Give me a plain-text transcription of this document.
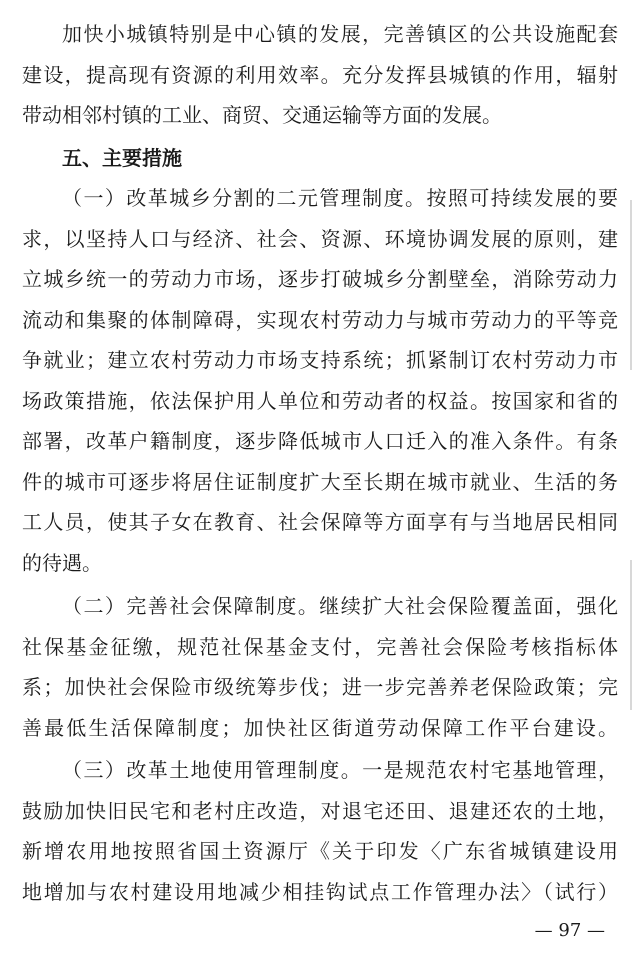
加快小城镇特别是中心镇的发展，完善镇区的公共设施配套
建设，提高现有资源的利用效率。充分发挥县城镇的作用，辐射
带动相邻村镇的工业、商贸、交通运输等方面的发展。
五、主要措施
（一）改革城乡分割的二元管理制度。按照可持续发展的要
求，以坚持人口与经济、社会、资源、环境协调发展的原则，建
立城乡统一的劳动力市场，逐步打破城乡分割壁垒，消除劳动力
流动和集聚的体制障碍，实现农村劳动力与城市劳动力的平等竞
争就业；建立农村劳动力市场支持系统；抓紧制订农村劳动力市
场政策措施，依法保护用人单位和劳动者的权益。按国家和省的
部署，改革户籍制度，逐步降低城市人口迁入的准入条件。有条
件的城市可逐步将居住证制度扩大至长期在城市就业、生活的务
工人员，使其子女在教育、社会保障等方面享有与当地居民相同
的待遇。
（二）完善社会保障制度。继续扩大社会保险覆盖面，强化
社保基金征缴，规范社保基金支付，完善社会保险考核指标体
系；加快社会保险市级统筹步伐；进一步完善养老保险政策；完
善最低生活保障制度；加快社区街道劳动保障工作平台建设。
（三）改革土地使用管理制度。一是规范农村宅基地管理，
鼓励加快旧民宅和老村庄改造，对退宅还田、退建还农的土地，
新增农用地按照省国土资源厅《关于印发〈广东省城镇建设用
地增加与农村建设用地减少相挂钩试点工作管理办法〉（试行）
— 97 —
